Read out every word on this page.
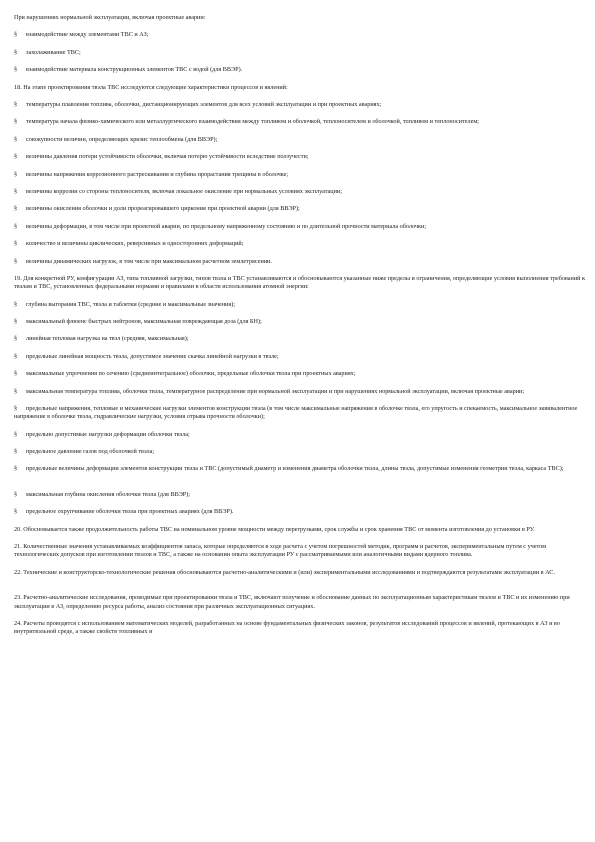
При нарушениях нормальной эксплуатации, включая проектные аварии:

§ взаимодействие между элементами ТВС и АЗ;

§ захолаживание ТВС;

§ взаимодействие материала конструкционных элементов ТВС с водой (для ВВЭР).

18. На этапе проектирования твэла ТВС исследуются следующие характеристики процессов и явлений:

§ температуры плавления топлива, оболочки, дистанционирующих элементов для всех условий эксплуатации и при проектных авариях;

§ температура начала физико-химического или металлургического взаимодействия между топливом и оболочкой, теплоносителем и оболочкой, топливом и теплоносителем;

§ совокупности величин, определяющих кризис теплообмена (для ВВЭР);

§ величины давления потери устойчивости оболочки, включая потерю устойчивости вследствие ползучести;

§ величины напряжения коррозионного растрескивания и глубина прорастания трещины в оболочке;

§ величины коррозии со стороны теплоносителя, включая локальное окисление при нормальных условиях эксплуатации;

§ величины окисления оболочки и доли прореагировавшего циркония при проектной аварии (для ВВЭР);

§ величины деформации, в том числе при проектной аварии, по предельному напряженному состоянию и по длительной прочности материала оболочки;

§ количество и величины циклических, реверсивных и односторонних деформаций;

§ величины динамических нагрузок, в том числе при максимальном расчетном землетрясении.

19. Для конкретной РУ, конфигурации АЗ, типа топливной загрузки, типов твэла и ТВС устанавливаются и обосновываются указанные ниже пределы и ограничения, определяющие условия выполнения требований к твэлам и ТВС, установленных федеральными нормами и правилами в области использования атомной энергии:

§ глубина выгорания ТВС, твэла и таблетки (средние и максимальные значения);

§ максимальный флюенс быстрых нейтронов, максимальная повреждающая доза (для БН);

§ линейная тепловая нагрузка на твэл (средняя, максимальная);

§ предельные линейная мощность твэла, допустимое значение скачка линейной нагрузки в твэле;

§ максимальные упрочнения по сечению (среднеинтегральное) оболочки, предельные оболочки твэла при проектных авариях;

§ максимальная температура топлива, оболочки твэла, температурное распределение при нормальной эксплуатации и при нарушениях нормальной эксплуатации, включая проектные аварии;

§ предельные напряжения, тепловые и механические нагрузки элементов конструкции твэла (в том числе максимальные напряжения в оболочке твэла, его упругость и спекаемость, максимальное эквивалентное напряжение в оболочке твэла, гидравлические нагрузки, условия отрыва прочности оболочки);

§ предельно допустимые нагрузки деформации оболочки твэла;

§ предельное давление газов под оболочкой твэла;

§ предельные величины деформации элементов конструкции твэла и ТВС (допустимый диаметр и изменения диаметра оболочки твэла, длины твэла, допустимые изменения геометрии твэла, каркаса ТВС);

§ максимальная глубина окисления оболочки твэла (для ВВЭР);

§ предельное охрупчивание оболочки твэла при проектных авариях (для ВВЭР).

20. Обосновывается также продолжительность работы ТВС на номинальном уровне мощности между перегрузками, срок службы и срок хранения ТВС от момента изготовления до установки в РУ.

21. Количественные значения устанавливаемых коэффициентов запаса, которые определяются в ходе расчета с учетом погрешностей методик, программ и расчетов, экспериментальным путем с учетом технологических допусков при изготовлении твэлов и ТВС, а также на основании опыта эксплуатации РУ с рассматриваемыми или аналогичными видами ядерного топлива.

22. Технические и конструкторско-технологические решения обосновываются расчетно-аналитическими и (или) экспериментальными исследованиями и подтверждаются результатами эксплуатации в АС.

23. Расчетно-аналитические исследования, проводимые при проектировании твэла и ТВС, включают получение и обоснование данных по эксплуатационным характеристикам твэлов и ТВС и их изменению при эксплуатации в АЗ, определению ресурса работы, анализ состояния при различных эксплуатационных ситуациях.

24. Расчеты проводятся с использованием математических моделей, разработанных на основе фундаментальных физических законов, результатов исследований процессов и явлений, протекающих в АЗ и во внутритвэльной среде, а также свойств топливных и
